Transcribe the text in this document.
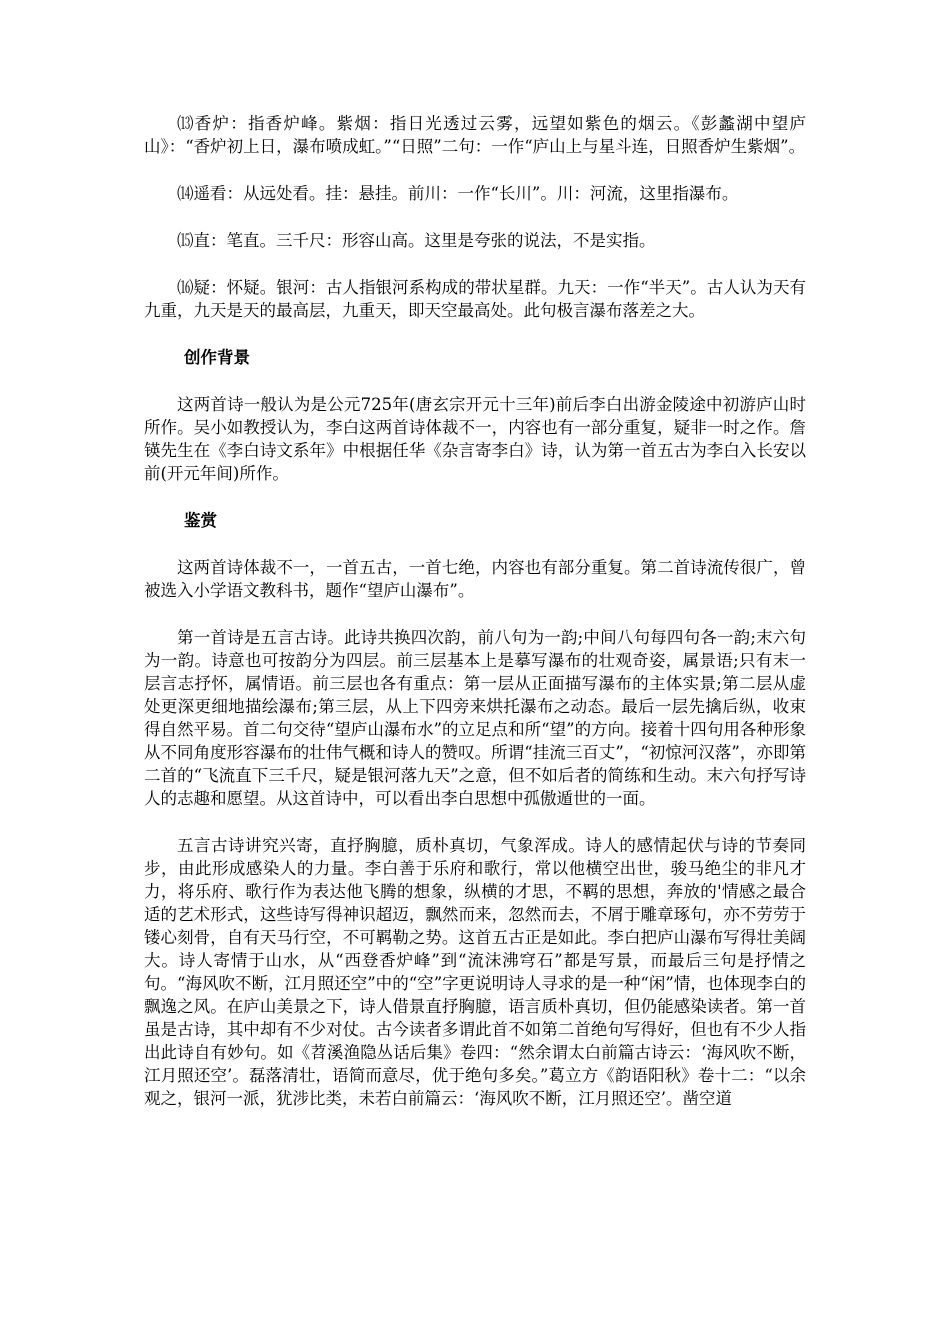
⒀香炉：指香炉峰。紫烟：指日光透过云雾，远望如紫色的烟云。《彭蠡湖中望庐山》：“香炉初上日，瀑布喷成虹。”“日照”二句：一作“庐山上与星斗连，日照香炉生紫烟”。

⒁遥看：从远处看。挂：悬挂。前川：一作“长川”。川：河流，这里指瀑布。

⒂直：笔直。三千尺：形容山高。这里是夸张的说法，不是实指。

⒃疑：怀疑。银河：古人指银河系构成的带状星群。九天：一作“半天”。古人认为天有九重，九天是天的最高层，九重天，即天空最高处。此句极言瀑布落差之大。

创作背景

这两首诗一般认为是公元725年(唐玄宗开元十三年)前后李白出游金陵途中初游庐山时所作。吴小如教授认为，李白这两首诗体裁不一，内容也有一部分重复，疑非一时之作。詹锳先生在《李白诗文系年》中根据任华《杂言寄李白》诗，认为第一首五古为李白入长安以前(开元年间)所作。

鉴赏

这两首诗体裁不一，一首五古，一首七绝，内容也有部分重复。第二首诗流传很广，曾被选入小学语文教科书，题作“望庐山瀑布”。

第一首诗是五言古诗。此诗共换四次韵，前八句为一韵;中间八句每四句各一韵;末六句为一韵。诗意也可按韵分为四层。前三层基本上是摹写瀑布的壮观奇姿，属景语;只有末一层言志抒怀，属情语。前三层也各有重点：第一层从正面描写瀑布的主体实景;第二层从虚处更深更细地描绘瀑布;第三层，从上下四旁来烘托瀑布之动态。最后一层先擒后纵，收束得自然平易。首二句交待“望庐山瀑布水”的立足点和所“望”的方向。接着十四句用各种形象从不同角度形容瀑布的壮伟气概和诗人的赞叹。所谓“挂流三百丈”，“初惊河汉落”，亦即第二首的“飞流直下三千尺，疑是银河落九天”之意，但不如后者的简练和生动。末六句抒写诗人的志趣和愿望。从这首诗中，可以看出李白思想中孤傲遁世的一面。

五言古诗讲究兴寄，直抒胸臆，质朴真切，气象浑成。诗人的感情起伏与诗的节奏同步，由此形成感染人的力量。李白善于乐府和歌行，常以他横空出世，骏马绝尘的非凡才力，将乐府、歌行作为表达他飞腾的想象，纵横的才思，不羁的思想，奔放的'情感之最合适的艺术形式，这些诗写得神识超迈，飘然而来，忽然而去，不屑于雕章琢句，亦不劳劳于镂心刻骨，自有天马行空，不可羁勒之势。这首五古正是如此。李白把庐山瀑布写得壮美阔大。诗人寄情于山水，从“西登香炉峰”到“流沫沸穹石”都是写景，而最后三句是抒情之句。“海风吹不断，江月照还空”中的“空”字更说明诗人寻求的是一种“闲”情，也体现李白的飘逸之风。在庐山美景之下，诗人借景直抒胸臆，语言质朴真切，但仍能感染读者。第一首虽是古诗，其中却有不少对仗。古今读者多谓此首不如第二首绝句写得好，但也有不少人指出此诗自有妙句。如《苕溪渔隐丛话后集》卷四：“然余谓太白前篇古诗云：‘海风吹不断，江月照还空’。磊落清壮，语简而意尽，优于绝句多矣。”葛立方《韵语阳秋》卷十二：“以余观之，银河一派，犹涉比类，未若白前篇云：‘海风吹不断，江月照还空’。凿空道
